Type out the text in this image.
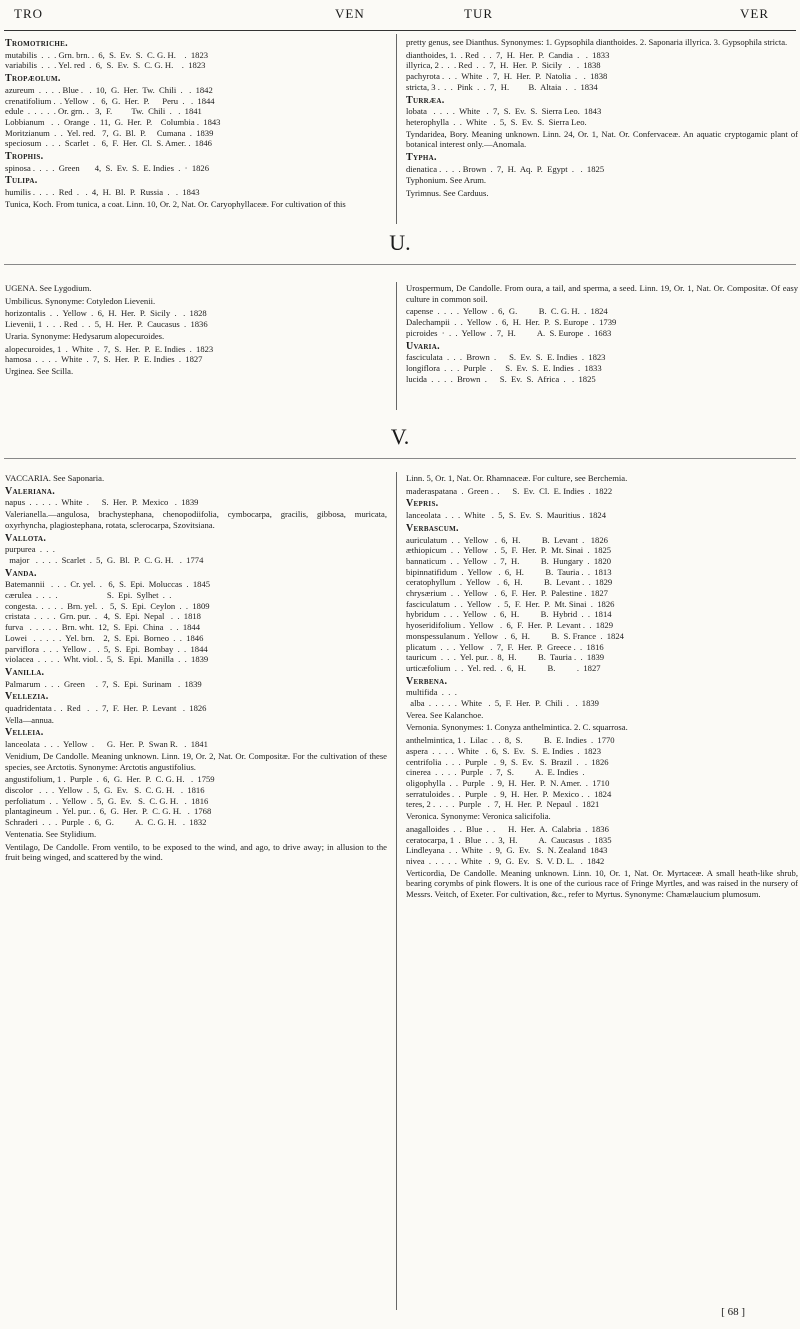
TRO	VEN	TUR	VER
Tromotriche.
mutabilis  .  .  . Grn. brn. .  6,  S.  Ev.  S.  C. G. H.    .  1823
variabilis  .  .  . Yel. red  .  6,  S.  Ev.  S.  C. G. H.    .  1823
Tropæolum.
azureum  .  .  .  . Blue .   .  10,  G.  Her.  Tw.  Chili  .   .  1842
crenatifolium .  . Yellow  .   6,  G.  Her.  P.      Peru  .   .  1844
edule  .  .  .  .  . Or. grn. .   3,  F.         Tw.  Chili  .   .  1841
Lobbianum   .  .  Orange  .  11,  G.  Her.  P.    Columbia .  1843
Moritzianum  .  .  Yel. red.   7,  G.  Bl.  P.     Cumana  .  1839
speciosum  .  .  .  Scarlet  .   6,  F.  Her.  Cl.  S. Amer. .  1846
Trophis.
spinosa .  .  .  .  Green       4,  S.  Ev.  S.  E. Indies  .  ·  1826
Tulipa.
humilis .  .  .  .  Red  .   .  4,  H.  Bl.  P.  Russia  .   .  1843
Tunica, Koch. From tunica, a coat. Linn. 10, Or. 2, Nat. Or. Caryophyllaceæ. For cultivation of this
pretty genus, see Dianthus. Synonymes: 1. Gypsophila dianthoides. 2. Saponaria illyrica. 3. Gypsophila stricta.
dianthoides, 1.  . Red  .  .  7,  H.  Her.  P.  Candia  .   .  1833
illyrica, 2 .  .  . Red  .  .  7,  H.  Her.  P.  Sicily   .   .  1838
pachyrota .  .  .  White  .  7,  H.  Her.  P.  Natolia  .   .  1838
stricta, 3 .  .  .  Pink  .  .  7,  H.         B.  Altaia  .   .  1834
Turræa.
lobata   .  .  .  .  White   .  7,  S.  Ev.  S.  Sierra Leo.  1843
heterophylla  .  .  White   .  5,  S.  Ev.  S.  Sierra Leo.
Tyndaridea, Bory. Meaning unknown. Linn. 24, Or. 1, Nat. Or. Confervaceæ. An aquatic cryptogamic plant of botanical interest only.—Anomala.
Typha.
dienatica .  .  .  . Brown  .  7,  H.  Aq.  P.  Egypt  .   .  1825
Typhonium. See Arum.
Tyrimnus. See Carduus.
U.
UGENA. See Lygodium.
Umbilicus. Synonyme: Cotyledon Lievenii.
horizontalis  .  .  Yellow  .  6,  H.  Her.  P.  Sicily  .   .  1828
Lievenii, 1  .  .  . Red  .  .  5,  H.  Her.  P.  Caucasus  .  1836
Uraria. Synonyme: Hedysarum alopecuroides.
alopecuroides, 1  .  White  .  7,  S.  Her.  P.  E. Indies  .  1823
hamosa  .  .  .  .  White  .  7,  S.  Her.  P.  E. Indies  .  1827
Urginea. See Scilla.
Urospermum, De Candolle. From oura, a tail, and sperma, a seed. Linn. 19, Or. 1, Nat. Or. Compositæ. Of easy culture in common soil.
capense  .  .  .  .  Yellow  .  6,  G.          B.  C. G. H.  .  1824
Dalechampii  .  .  Yellow  .  6,  H.  Her.  P.  S. Europe  .  1739
picroides  ·  .  .  Yellow  .  7,  H.          A.  S. Europe  .  1683
Uvaria.
fasciculata  .  .  .  Brown  .      S.  Ev.  S.  E. Indies  .  1823
longiflora  .  .  .  Purple  .      S.  Ev.  S.  E. Indies  .  1833
lucida  .  .  .  .  Brown  .      S.  Ev.  S.  Africa  .   .  1825
V.
VACCARIA. See Saponaria.
Valeriana.
napus  .  .  .  .  .  White  .      S.  Her.  P.  Mexico   .  1839
Valerianella.—angulosa, brachystephana, chenopodiifolia, cymbocarpa, gracilis, gibbosa, muricata, oxyrhyncha, plagiostephana, rotata, sclerocarpa, Szovitsiana.
Vallota.
purpurea  .  .  .
major   .  .  .  .  Scarlet  .  5,  G.  Bl.  P.  C. G. H.   .  1774
Vanda.
Batemannii   .  .  .  Cr. yel.  .   6,  S.  Epi.  Moluccas  .  1845
cærulea  .  .  .  .                       S.  Epi.  Sylhet  .  .
congesta.  .  .  .  .  Brn. yel.  .   5,  S.  Epi.  Ceylon  .  .  1809
cristata  .  .  .  .  Grn. pur.  .   4,  S.  Epi.  Nepal   .  .  1818
furva   .  .  .  .  .  Brn. wht.  12,  S.  Epi.  China   .  .  1844
Lowei   .  .  .  .  .  Yel. brn.    2,  S.  Epi.  Borneo  .  .  1846
parviflora  .  .  .  Yellow .   .  5,  S.  Epi.  Bombay  .  .  1844
violacea  .  .  .  .  Wht. viol. .  5,  S.  Epi.  Manilla  .  .  1839
Vanilla.
Palmarum  .  .  .  Green     .  7,  S.  Epi.  Surinam   .  1839
Vellezia.
quadridentata .  .  Red   .   .  7,  F.  Her.  P.  Levant   .  1826
Vella—annua.
Velleia.
lanceolata  .  .  .  Yellow  .      G.  Her.  P.  Swan R.   .  1841
Venidium, De Candolle. Meaning unknown. Linn. 19, Or. 2, Nat. Or. Compositæ. For the cultivation of these species, see Arctotis. Synonyme: Arctotis angustifolius.
angustifolium, 1 .  Purple  .  6,  G.  Her.  P.  C. G. H.   .  1759
discolor   .  .  .  Yellow  .  5,  G.  Ev.   S.  C. G. H.   .  1816
perfoliatum  .  .  Yellow  .  5,  G.  Ev.   S.  C. G. H.   .  1816
plantagineum  .  Yel. pur. .  6,  G.  Her.  P.  C. G. H.   .  1768
Schraderi  .  .  .  Purple  .  6,  G.          A.  C. G. H.   .  1832
Ventenatia. See Stylidium.
Ventilago, De Candolle. From ventilo, to be exposed to the wind, and ago, to drive away; in allusion to the fruit being winged, and scattered by the wind.
Linn. 5, Or. 1, Nat. Or. Rhamnaceæ. For culture, see Berchemia.
maderaspatana  .  Green .  .      S.  Ev.  Cl.  E. Indies  .  1822
Vepris.
lanceolata  .  .  .  White   .  5,  S.  Ev.  S.  Mauritius .  1824
Verbascum.
auriculatum  .  .  Yellow   .  6,  H.          B.  Levant  .   1826
æthiopicum  .  .  Yellow   .  5,  F.  Her.  P.  Mt. Sinai  .  1825
bannaticum  .  .  Yellow   .  7,  H.          B.  Hungary  .  1820
bipinnatifidum  .  Yellow   .  6,  H.          B.  Tauria .  .  1813
ceratophyllum  .  Yellow   .  6,  H.          B.  Levant .  .  1829
chrysærium  .  .  Yellow   .  6,  F.  Her.  P.  Palestine .  1827
fasciculatum  .  .  Yellow   .  5,  F.  Her.  P.  Mt. Sinai  .  1826
hybridum  .  .  .  Yellow   .  6,  H.          B.  Hybrid  .  .  1814
hyoseridifolium .  Yellow   .  6,  F.  Her.  P.  Levant .  .  1829
monspessulanum .  Yellow   .  6,  H.          B.  S. France  .  1824
plicatum  .  .  .  Yellow   .  7,  F.  Her.  P.  Greece .  .  1816
tauricum  .  .  .  Yel. pur. .  8,  H.          B.  Tauria .  .  1839
urticæfolium  .  .  Yel. red.  .  6,  H.          B.          .  1827
Verbena.
multifida  .  .  .
alba  .  .  .  .  .  White   .  5,  F.  Her.  P.  Chili  .   .  1839
Verea. See Kalanchoe.
Vernonia. Synonymes: 1. Conyza anthelmintica. 2. C. squarrosa.
anthelmintica, 1 .  Lilac  .  .  8,  S.          B.  E. Indies  .  1770
aspera  .  .  .  .  White   .  6,  S.  Ev.   S.  E. Indies  .  1823
centrifolia  .  .  .  Purple   .  9,  S.  Ev.   S.  Brazil  .   .  1826
cinerea  .  .  .  .  Purple   .  7,  S.          A.  E. Indies  .
oligophylla  .  .  Purple   .  9,  H.  Her.  P.  N. Amer.  .  1710
serratuloides .  .  Purple   .  9,  H.  Her.  P.  Mexico .  .  1824
teres, 2 .  .  .  .  Purple   .  7,  H.  Her.  P.  Nepaul  .  1821
Veronica. Synonyme: Veronica salicifolia.
anagalloides  .  .  Blue  .  .      H.  Her.  A.  Calabria  .  1836
ceratocarpa, 1  .  Blue  .  .  3,  H.          A.  Caucasus  .  1835
Lindleyana  .  .  White   .  9,  G.  Ev.   S.  N. Zealand  1843
nivea  .  .  .  .  .  White   .  9,  G.  Ev.   S.  V. D. L.   .  1842
Verticordia, De Candolle. Meaning unknown. Linn. 10, Or. 1, Nat. Or. Myrtaceæ. A small heath-like shrub, bearing corymbs of pink flowers. It is one of the curious race of Fringe Myrtles, and was raised in the nursery of Messrs. Veitch, of Exeter. For cultivation, &c., refer to Myrtus. Synonyme: Chamælaucium plumosum.
[ 68 ]
